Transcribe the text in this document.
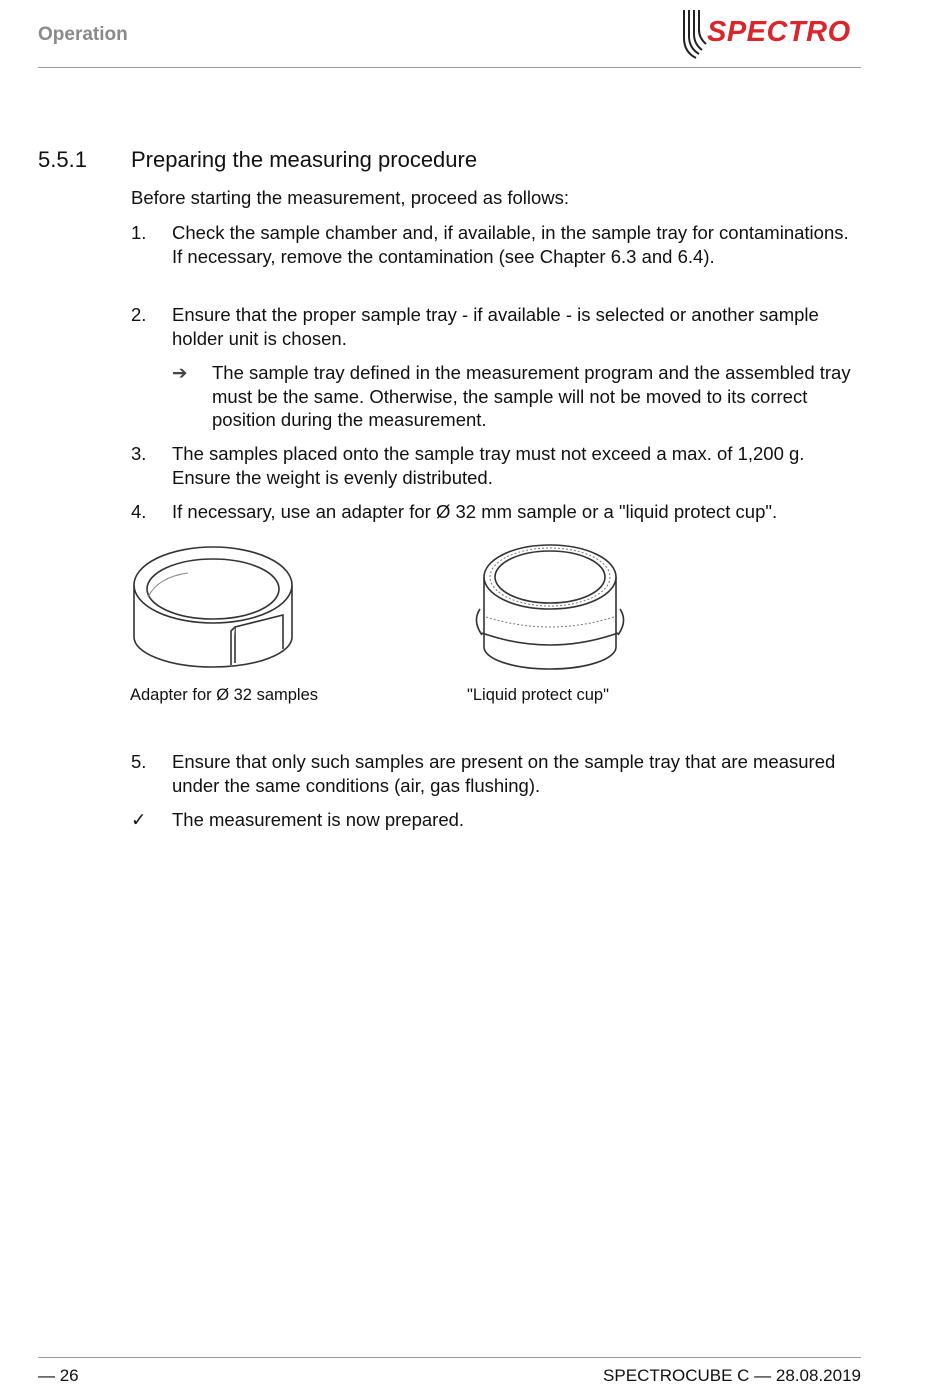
Operation	SPECTRO
5.5.1 Preparing the measuring procedure
Before starting the measurement, proceed as follows:
1. Check the sample chamber and, if available, in the sample tray for contaminations. If necessary, remove the contamination (see Chapter 6.3 and 6.4).
2. Ensure that the proper sample tray - if available - is selected or another sample holder unit is chosen.
➔ The sample tray defined in the measurement program and the assembled tray must be the same. Otherwise, the sample will not be moved to its correct position during the measurement.
3. The samples placed onto the sample tray must not exceed a max. of 1,200 g. Ensure the weight is evenly distributed.
4. If necessary, use an adapter for Ø 32 mm sample or a "liquid protect cup".
Adapter for Ø 32 samples	"Liquid protect cup"
5. Ensure that only such samples are present on the sample tray that are measured under the same conditions (air, gas flushing).
✓ The measurement is now prepared.
— 26	SPECTROCUBE C — 28.08.2019
